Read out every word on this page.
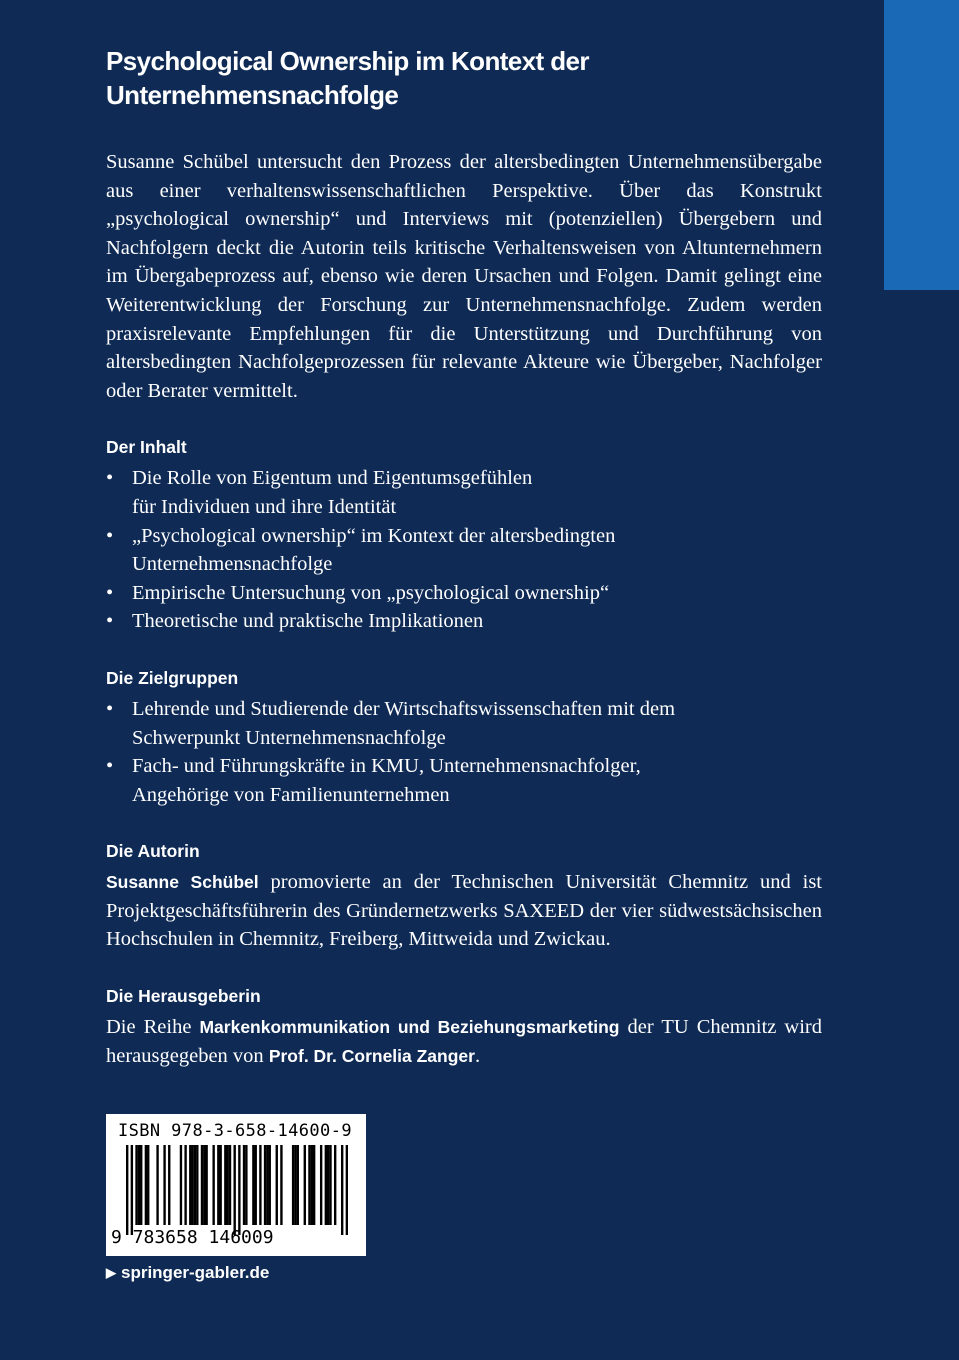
Psychological Ownership im Kontext der Unternehmensnachfolge

Susanne Schübel untersucht den Prozess der altersbedingten Unternehmensübergabe aus einer verhaltenswissenschaftlichen Perspektive. Über das Konstrukt „psychological ownership“ und Interviews mit (potenziellen) Übergebern und Nachfolgern deckt die Autorin teils kritische Verhaltensweisen von Altunternehmern im Übergabeprozess auf, ebenso wie deren Ursachen und Folgen. Damit gelingt eine Weiterentwicklung der Forschung zur Unternehmensnachfolge. Zudem werden praxisrelevante Empfehlungen für die Unterstützung und Durchführung von altersbedingten Nachfolgeprozessen für relevante Akteure wie Übergeber, Nachfolger oder Berater vermittelt.

Der Inhalt
• Die Rolle von Eigentum und Eigentumsgefühlen
für Individuen und ihre Identität
• „Psychological ownership“ im Kontext der altersbedingten
Unternehmensnachfolge
• Empirische Untersuchung von „psychological ownership“
• Theoretische und praktische Implikationen
Die Zielgruppen
• Lehrende und Studierende der Wirtschaftswissenschaften mit dem
Schwerpunkt Unternehmensnachfolge
• Fach- und Führungskräfte in KMU, Unternehmensnachfolger,
Angehörige von Familienunternehmen
Die Autorin

Susanne Schübel promovierte an der Technischen Universität Chemnitz und ist Projektgeschäftsführerin des Gründernetzwerks SAXEED der vier südwestsächsischen Hochschulen in Chemnitz, Freiberg, Mittweida und Zwickau.

Die Herausgeberin

Die Reihe Markenkommunikation und Beziehungsmarketing der TU Chemnitz wird herausgegeben von Prof. Dr. Cornelia Zanger.

ISBN 978-3-658-14600-9
9 783658 146009
▶ springer-gabler.de
